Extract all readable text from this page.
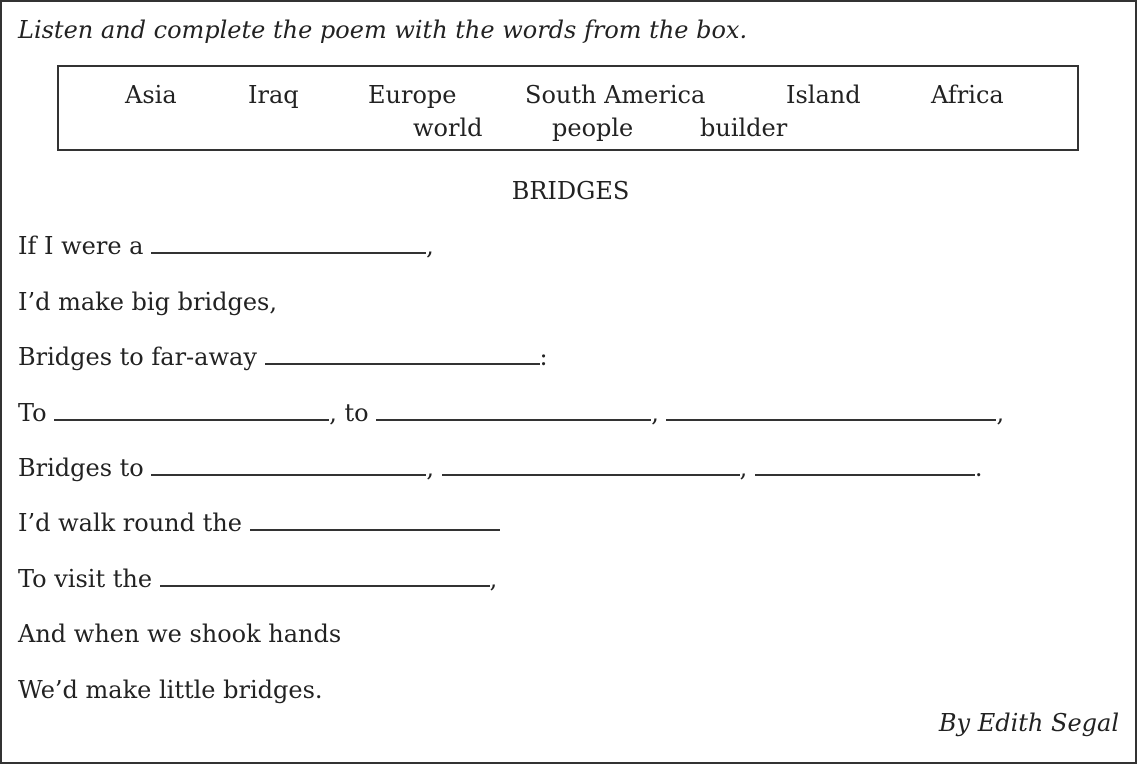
Listen and complete the poem with the words from the box.
Asia	Iraq	Europe	South America	Island	Africa
world	people	builder
BRIDGES
If I were a	,
I’d make big bridges,
Bridges to far-away	:
To	, to	,	,
Bridges to	,	,	.
I’d walk round the
To visit the	,
And when we shook hands
We’d make little bridges.
By Edith Segal
